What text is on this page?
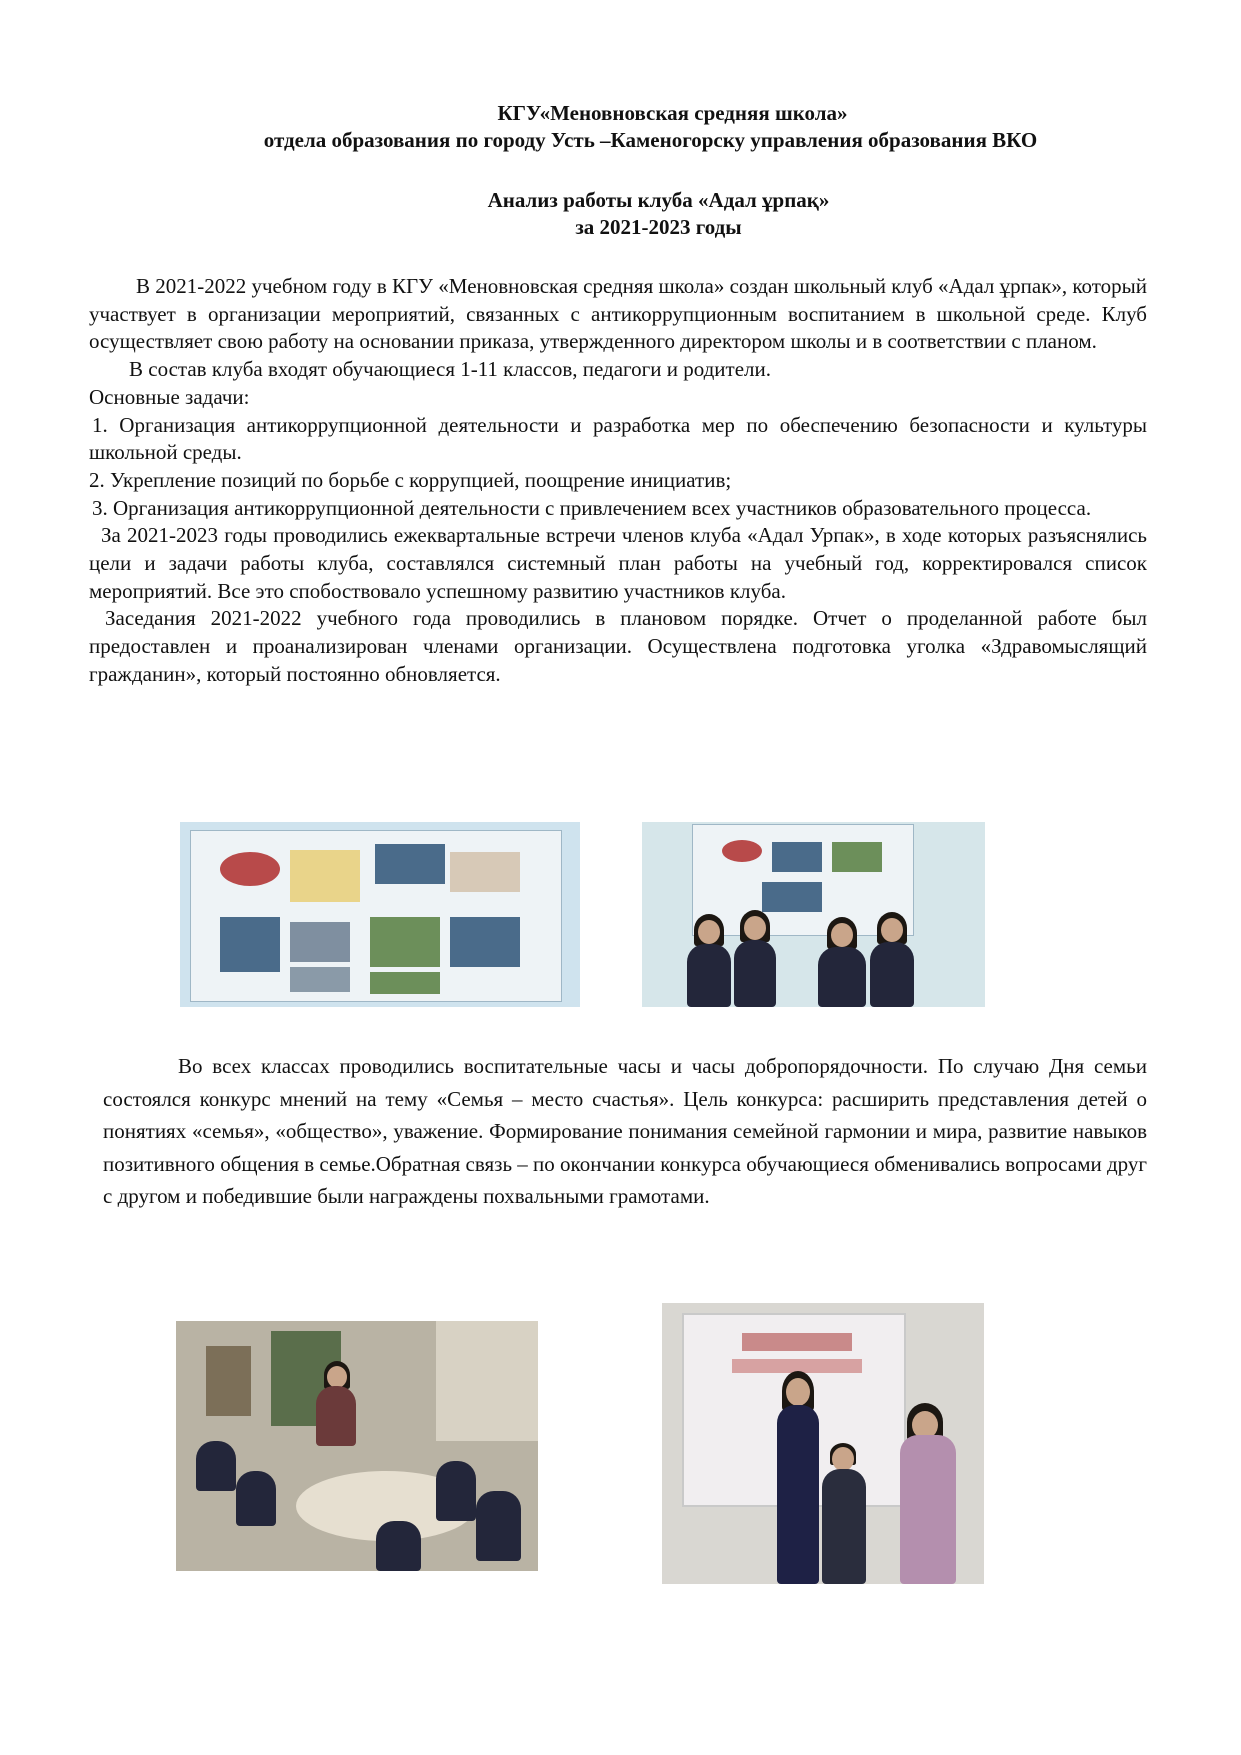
КГУ«Меновновская средняя школа»
отдела образования по городу Усть –Каменогорску управления образования ВКО
Анализ работы клуба «Адал ұрпақ»
за 2021-2023 годы

В 2021-2022 учебном году в КГУ «Меновновская средняя школа» создан школьный клуб «Адал ұрпак», который участвует в организации мероприятий, связанных с антикоррупционным воспитанием в школьной среде. Клуб осуществляет свою работу на основании приказа, утвержденного директором школы и в соответствии с планом.

В состав клуба входят обучающиеся 1-11 классов, педагоги и родители.

Основные задачи:

1. Организация антикоррупционной деятельности и разработка мер по обеспечению безопасности и культуры школьной среды.

2. Укрепление позиций по борьбе с коррупцией, поощрение инициатив;

3. Организация антикоррупционной деятельности с привлечением всех участников образовательного процесса.

За 2021-2023 годы проводились ежеквартальные встречи членов клуба «Адал Урпак», в ходе которых разъяснялись цели и задачи работы клуба, составлялся системный план работы на учебный год, корректировался список мероприятий. Все это спобоствовало успешному развитию участников клуба.

Заседания 2021-2022 учебного года проводились в плановом порядке. Отчет о проделанной работе был предоставлен и проанализирован членами организации. Осуществлена подготовка уголка «Здравомыслящий гражданин», который постоянно обновляется.

Во всех классах проводились воспитательные часы и часы добропорядочности. По случаю Дня семьи состоялся конкурс мнений на тему «Семья – место счастья». Цель конкурса: расширить представления детей о понятиях «семья», «общество», уважение. Формирование понимания семейной гармонии и мира, развитие навыков позитивного общения в семье.Обратная связь – по окончании конкурса обучающиеся обменивались вопросами друг с другом и победившие были награждены похвальными грамотами.
